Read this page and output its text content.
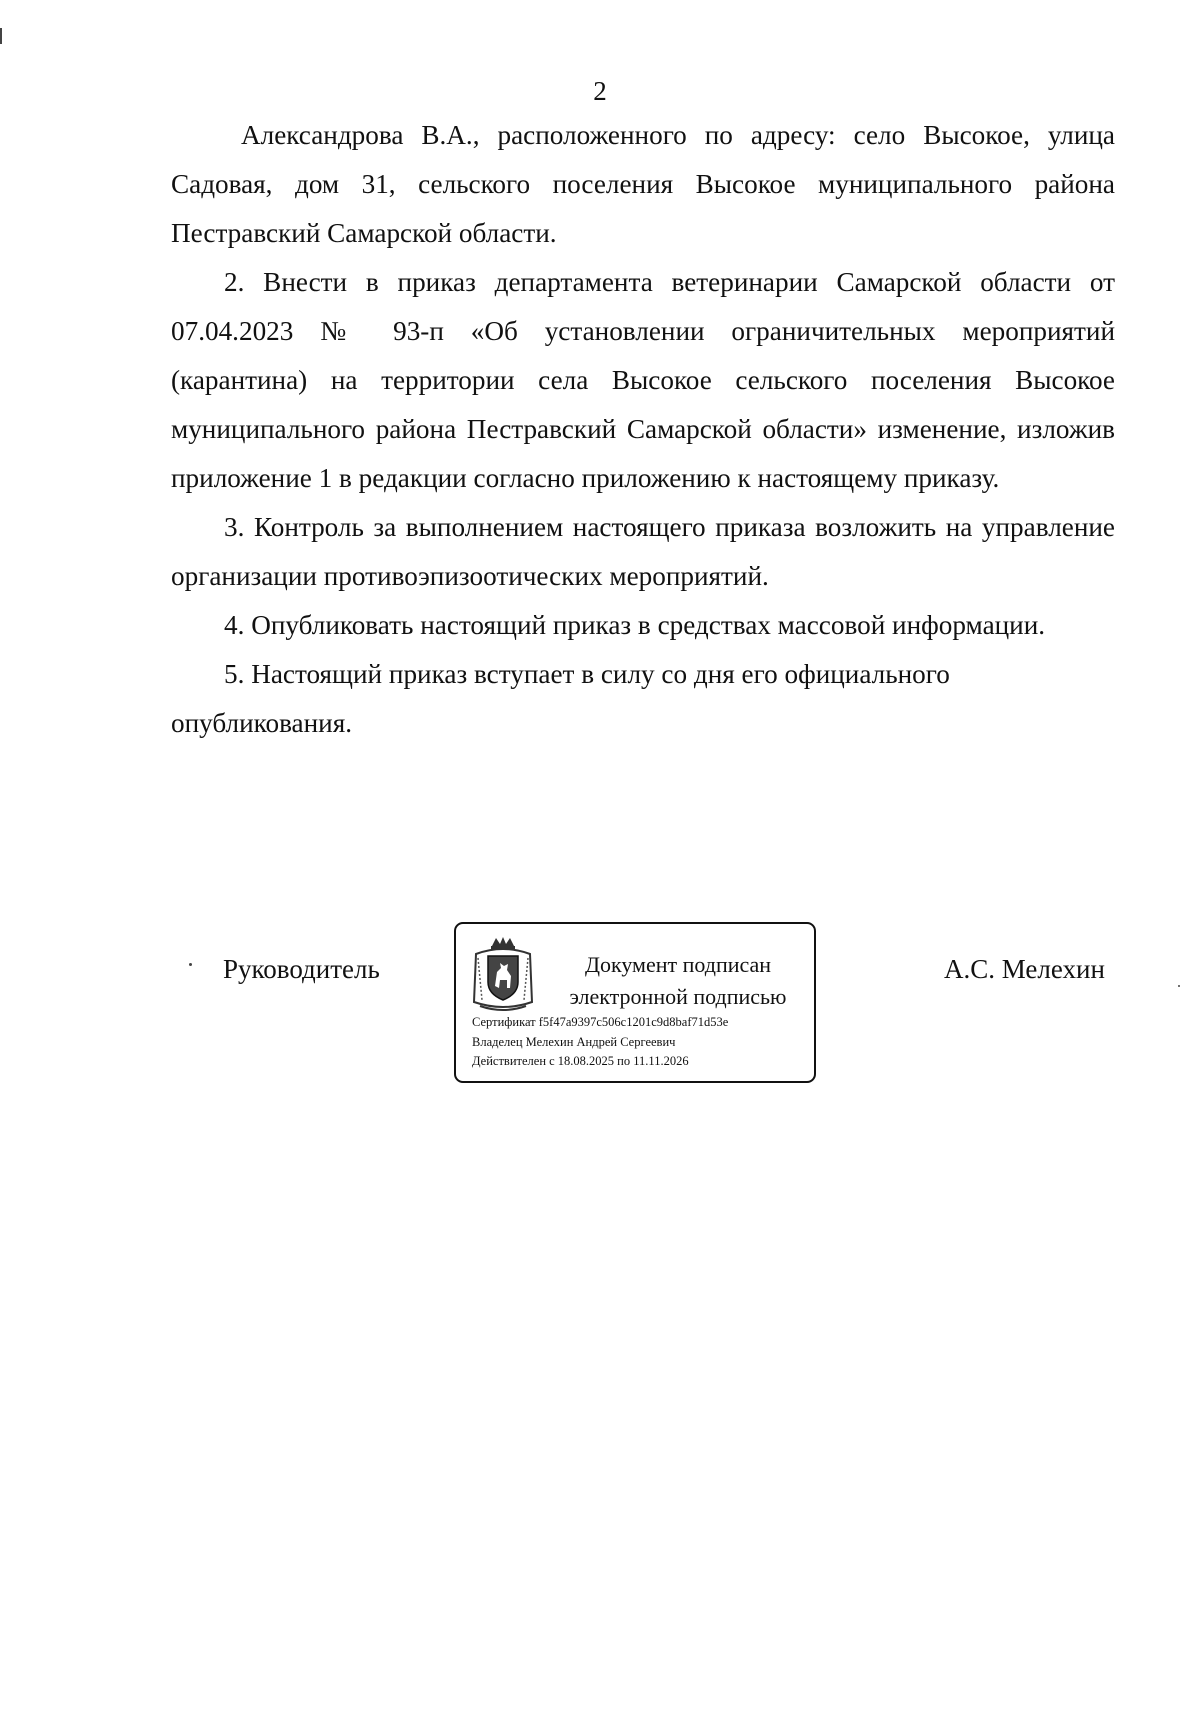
2

Александрова В.А., расположенного по адресу: село Высокое, улица Садовая, дом 31, сельского поселения Высокое муниципального района Пестравский Самарской области.

2. Внести в приказ департамента ветеринарии Самарской области от 07.04.2023 № 93-п «Об установлении ограничительных мероприятий (карантина) на территории села Высокое сельского поселения Высокое муниципального района Пестравский Самарской области» изменение, изложив приложение 1 в редакции согласно приложению к настоящему приказу.

3. Контроль за выполнением настоящего приказа возложить на управление организации противоэпизоотических мероприятий.

4. Опубликовать настоящий приказ в средствах массовой информации.

5. Настоящий приказ вступает в силу со дня его официального опубликования.

Руководитель	Документ подписан
электронной подписью
Сертификат f5f47a9397c506c1201c9d8baf71d53e
Владелец Мелехин Андрей Сергеевич
Действителен с 18.08.2025 по 11.11.2026
А.С. Мелехин
